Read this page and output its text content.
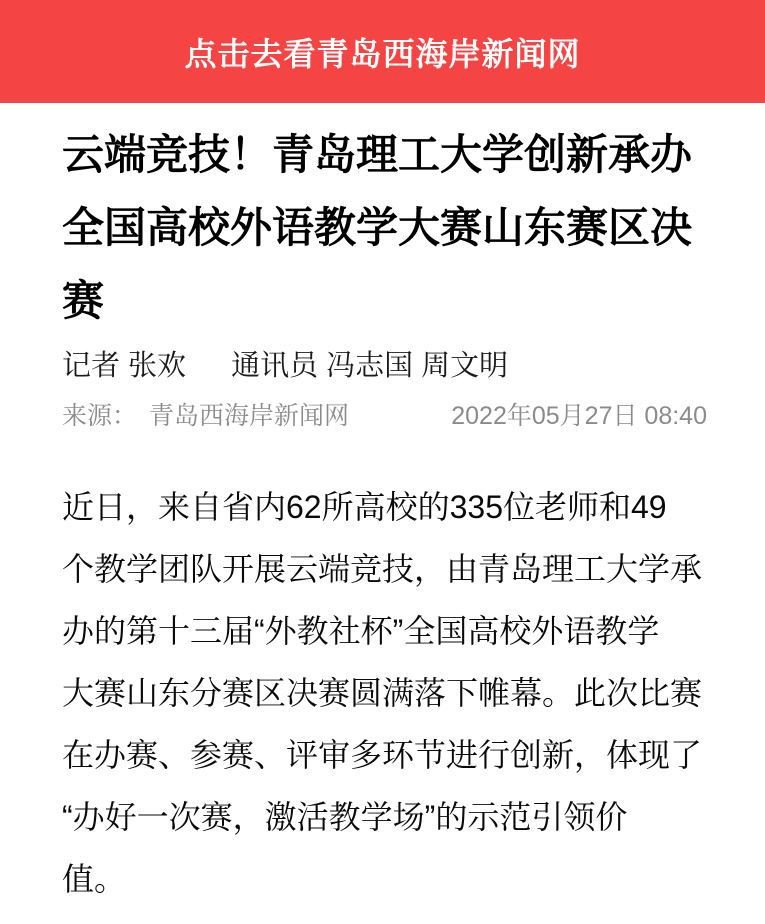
点击去看青岛西海岸新闻网
云端竞技！青岛理工大学创新承办全国高校外语教学大赛山东赛区决赛
记者 张欢 通讯员 冯志国 周文明
来源： 青岛西海岸新闻网	2022年05月27日 08:40
近日，来自省内62所高校的335位老师和49
个教学团队开展云端竞技，由青岛理工大学承
办的第十三届“外教社杯”全国高校外语教学
大赛山东分赛区决赛圆满落下帷幕。此次比赛
在办赛、参赛、评审多环节进行创新，体现了
“办好一次赛，激活教学场”的示范引领价
值。
